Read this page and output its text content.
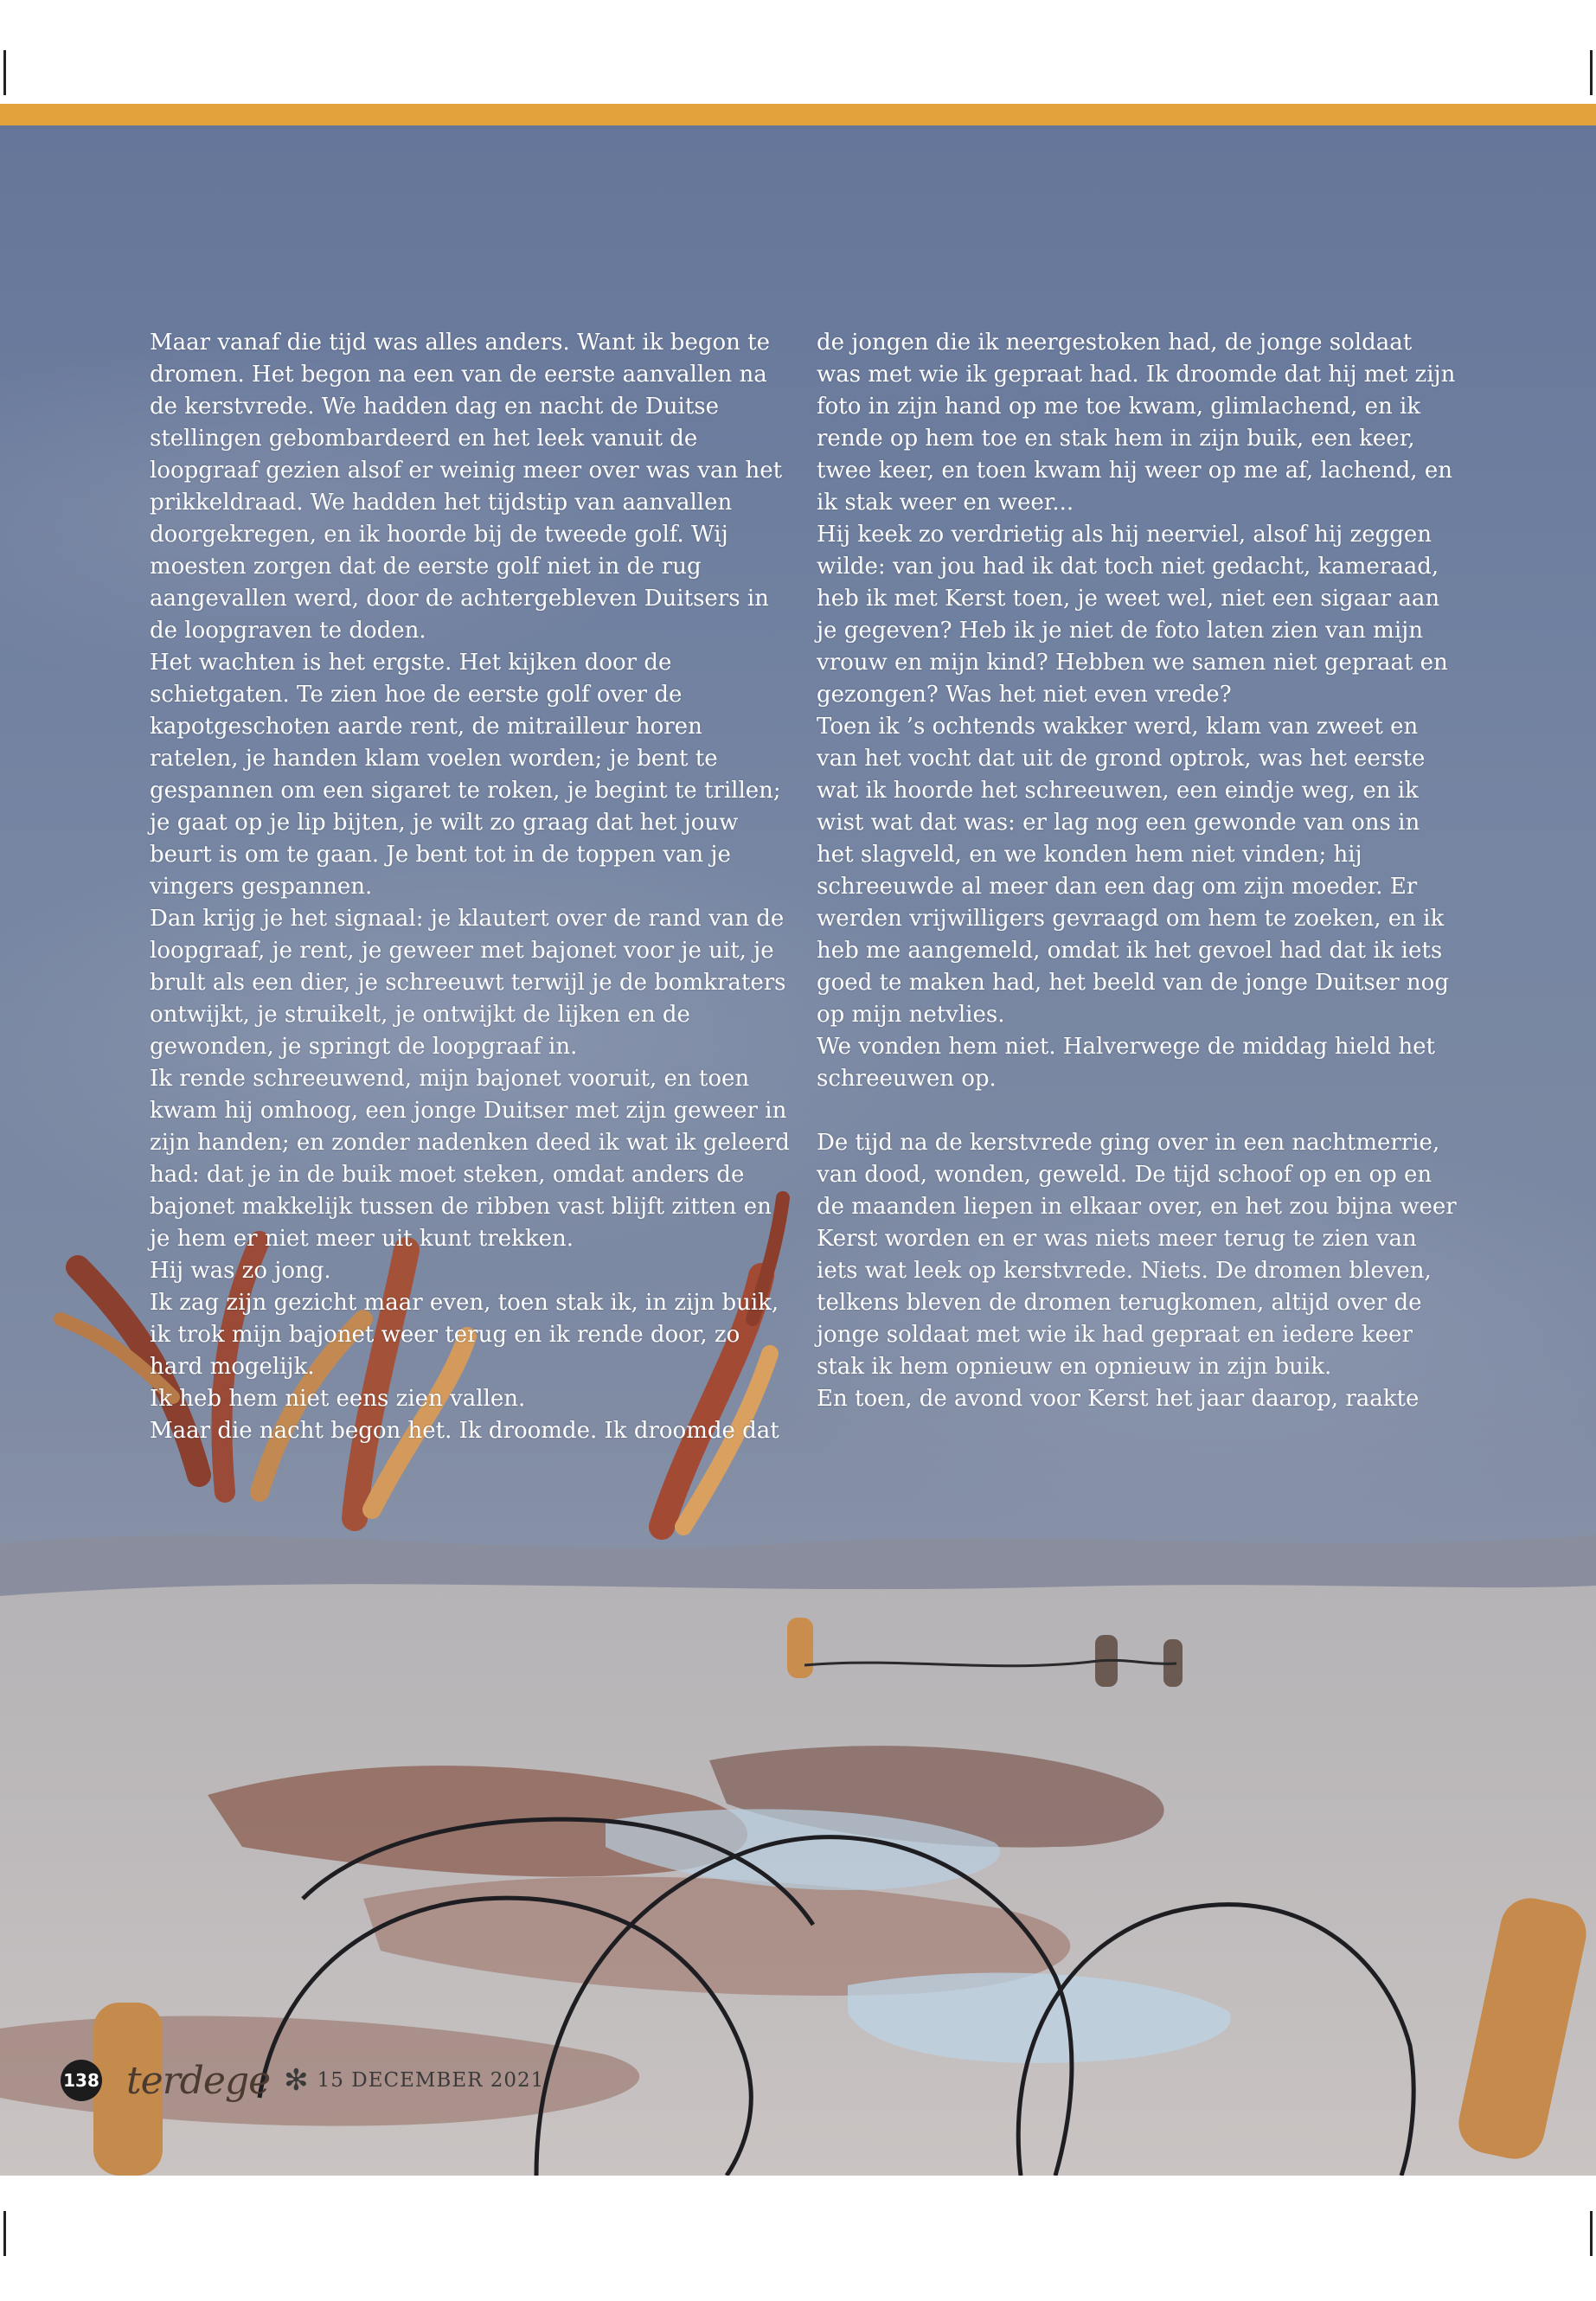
Maar vanaf die tijd was alles anders. Want ik begon te dromen. Het begon na een van de eerste aanvallen na de kerstvrede. We hadden dag en nacht de Duitse stellingen gebombardeerd en het leek vanuit de loopgraaf gezien alsof er weinig meer over was van het prikkeldraad. We hadden het tijdstip van aanvallen doorgekregen, en ik hoorde bij de tweede golf. Wij moesten zorgen dat de eerste golf niet in de rug aangevallen werd, door de achtergebleven Duitsers in de loopgraven te doden.

Het wachten is het ergste. Het kijken door de schietgaten. Te zien hoe de eerste golf over de kapotgeschoten aarde rent, de mitrailleur horen ratelen, je handen klam voelen worden; je bent te gespannen om een sigaret te roken, je begint te trillen; je gaat op je lip bijten, je wilt zo graag dat het jouw beurt is om te gaan. Je bent tot in de toppen van je vingers gespannen.

Dan krijg je het signaal: je klautert over de rand van de loopgraaf, je rent, je geweer met bajonet voor je uit, je brult als een dier, je schreeuwt terwijl je de bomkraters ontwijkt, je struikelt, je ontwijkt de lijken en de gewonden, je springt de loopgraaf in.

Ik rende schreeuwend, mijn bajonet vooruit, en toen kwam hij omhoog, een jonge Duitser met zijn geweer in zijn handen; en zonder nadenken deed ik wat ik geleerd had: dat je in de buik moet steken, omdat anders de bajonet makkelijk tussen de ribben vast blijft zitten en je hem er niet meer uit kunt trekken.

Hij was zo jong.

Ik zag zijn gezicht maar even, toen stak ik, in zijn buik, ik trok mijn bajonet weer terug en ik rende door, zo hard mogelijk.

Ik heb hem niet eens zien vallen.

Maar die nacht begon het. Ik droomde. Ik droomde dat

de jongen die ik neergestoken had, de jonge soldaat was met wie ik gepraat had. Ik droomde dat hij met zijn foto in zijn hand op me toe kwam, glimlachend, en ik rende op hem toe en stak hem in zijn buik, een keer, twee keer, en toen kwam hij weer op me af, lachend, en ik stak weer en weer...

Hij keek zo verdrietig als hij neerviel, alsof hij zeggen wilde: van jou had ik dat toch niet gedacht, kameraad, heb ik met Kerst toen, je weet wel, niet een sigaar aan je gegeven? Heb ik je niet de foto laten zien van mijn vrouw en mijn kind? Hebben we samen niet gepraat en gezongen? Was het niet even vrede?

Toen ik ’s ochtends wakker werd, klam van zweet en van het vocht dat uit de grond optrok, was het eerste wat ik hoorde het schreeuwen, een eindje weg, en ik wist wat dat was: er lag nog een gewonde van ons in het slagveld, en we konden hem niet vinden; hij schreeuwde al meer dan een dag om zijn moeder. Er werden vrijwilligers gevraagd om hem te zoeken, en ik heb me aangemeld, omdat ik het gevoel had dat ik iets goed te maken had, het beeld van de jonge Duitser nog op mijn netvlies.

We vonden hem niet. Halverwege de middag hield het schreeuwen op.

De tijd na de kerstvrede ging over in een nachtmerrie, van dood, wonden, geweld. De tijd schoof op en op en de maanden liepen in elkaar over, en het zou bijna weer Kerst worden en er was niets meer terug te zien van iets wat leek op kerstvrede. Niets. De dromen bleven, telkens bleven de dromen terugkomen, altijd over de jonge soldaat met wie ik had gepraat en iedere keer stak ik hem opnieuw en opnieuw in zijn buik.

En toen, de avond voor Kerst het jaar daarop, raakte

138 terdege ✻ 15 DECEMBER 2021
